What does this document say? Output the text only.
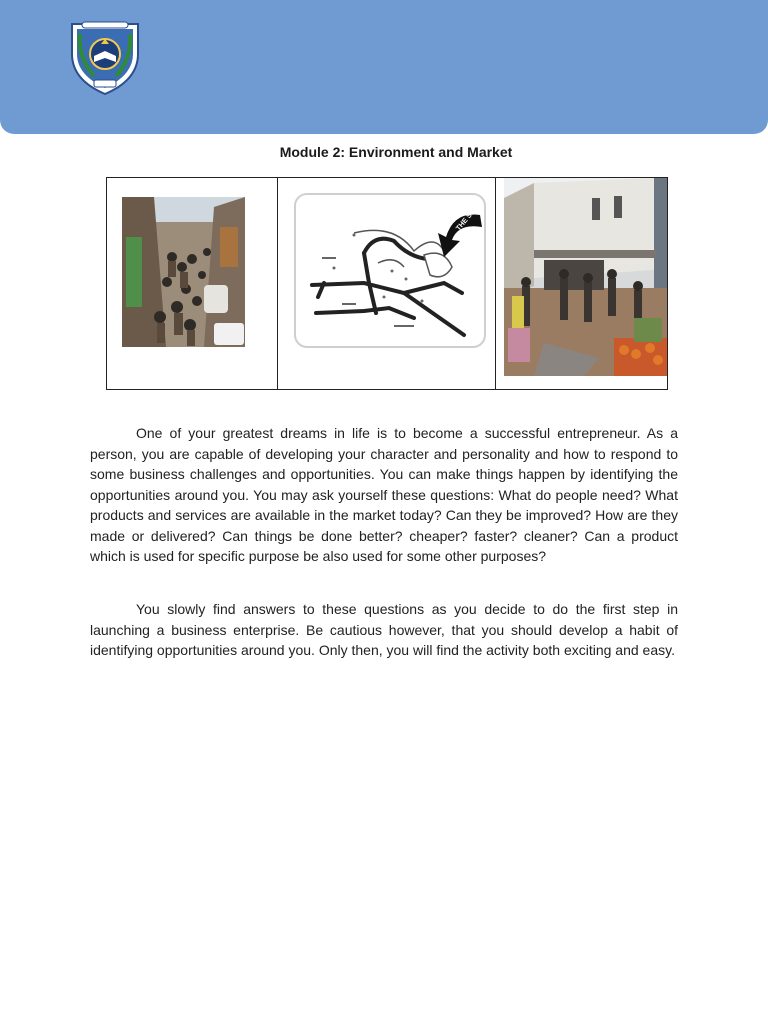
Module 2: Environment and Market
THE SITE

One of your greatest dreams in life is to become a successful entrepreneur. As a person, you are capable of developing your character and personality and how to respond to some business challenges and opportunities. You can make things happen by identifying the opportunities around you. You may ask yourself these questions: What do people need? What products and services are available in the market today? Can they be improved? How are they made or delivered? Can things be done better? cheaper? faster? cleaner? Can a product which is used for specific purpose be also used for some other purposes?

You slowly find answers to these questions as you decide to do the first step in launching a business enterprise. Be cautious however, that you should develop a habit of identifying opportunities around you. Only then, you will find the activity both exciting and easy.
